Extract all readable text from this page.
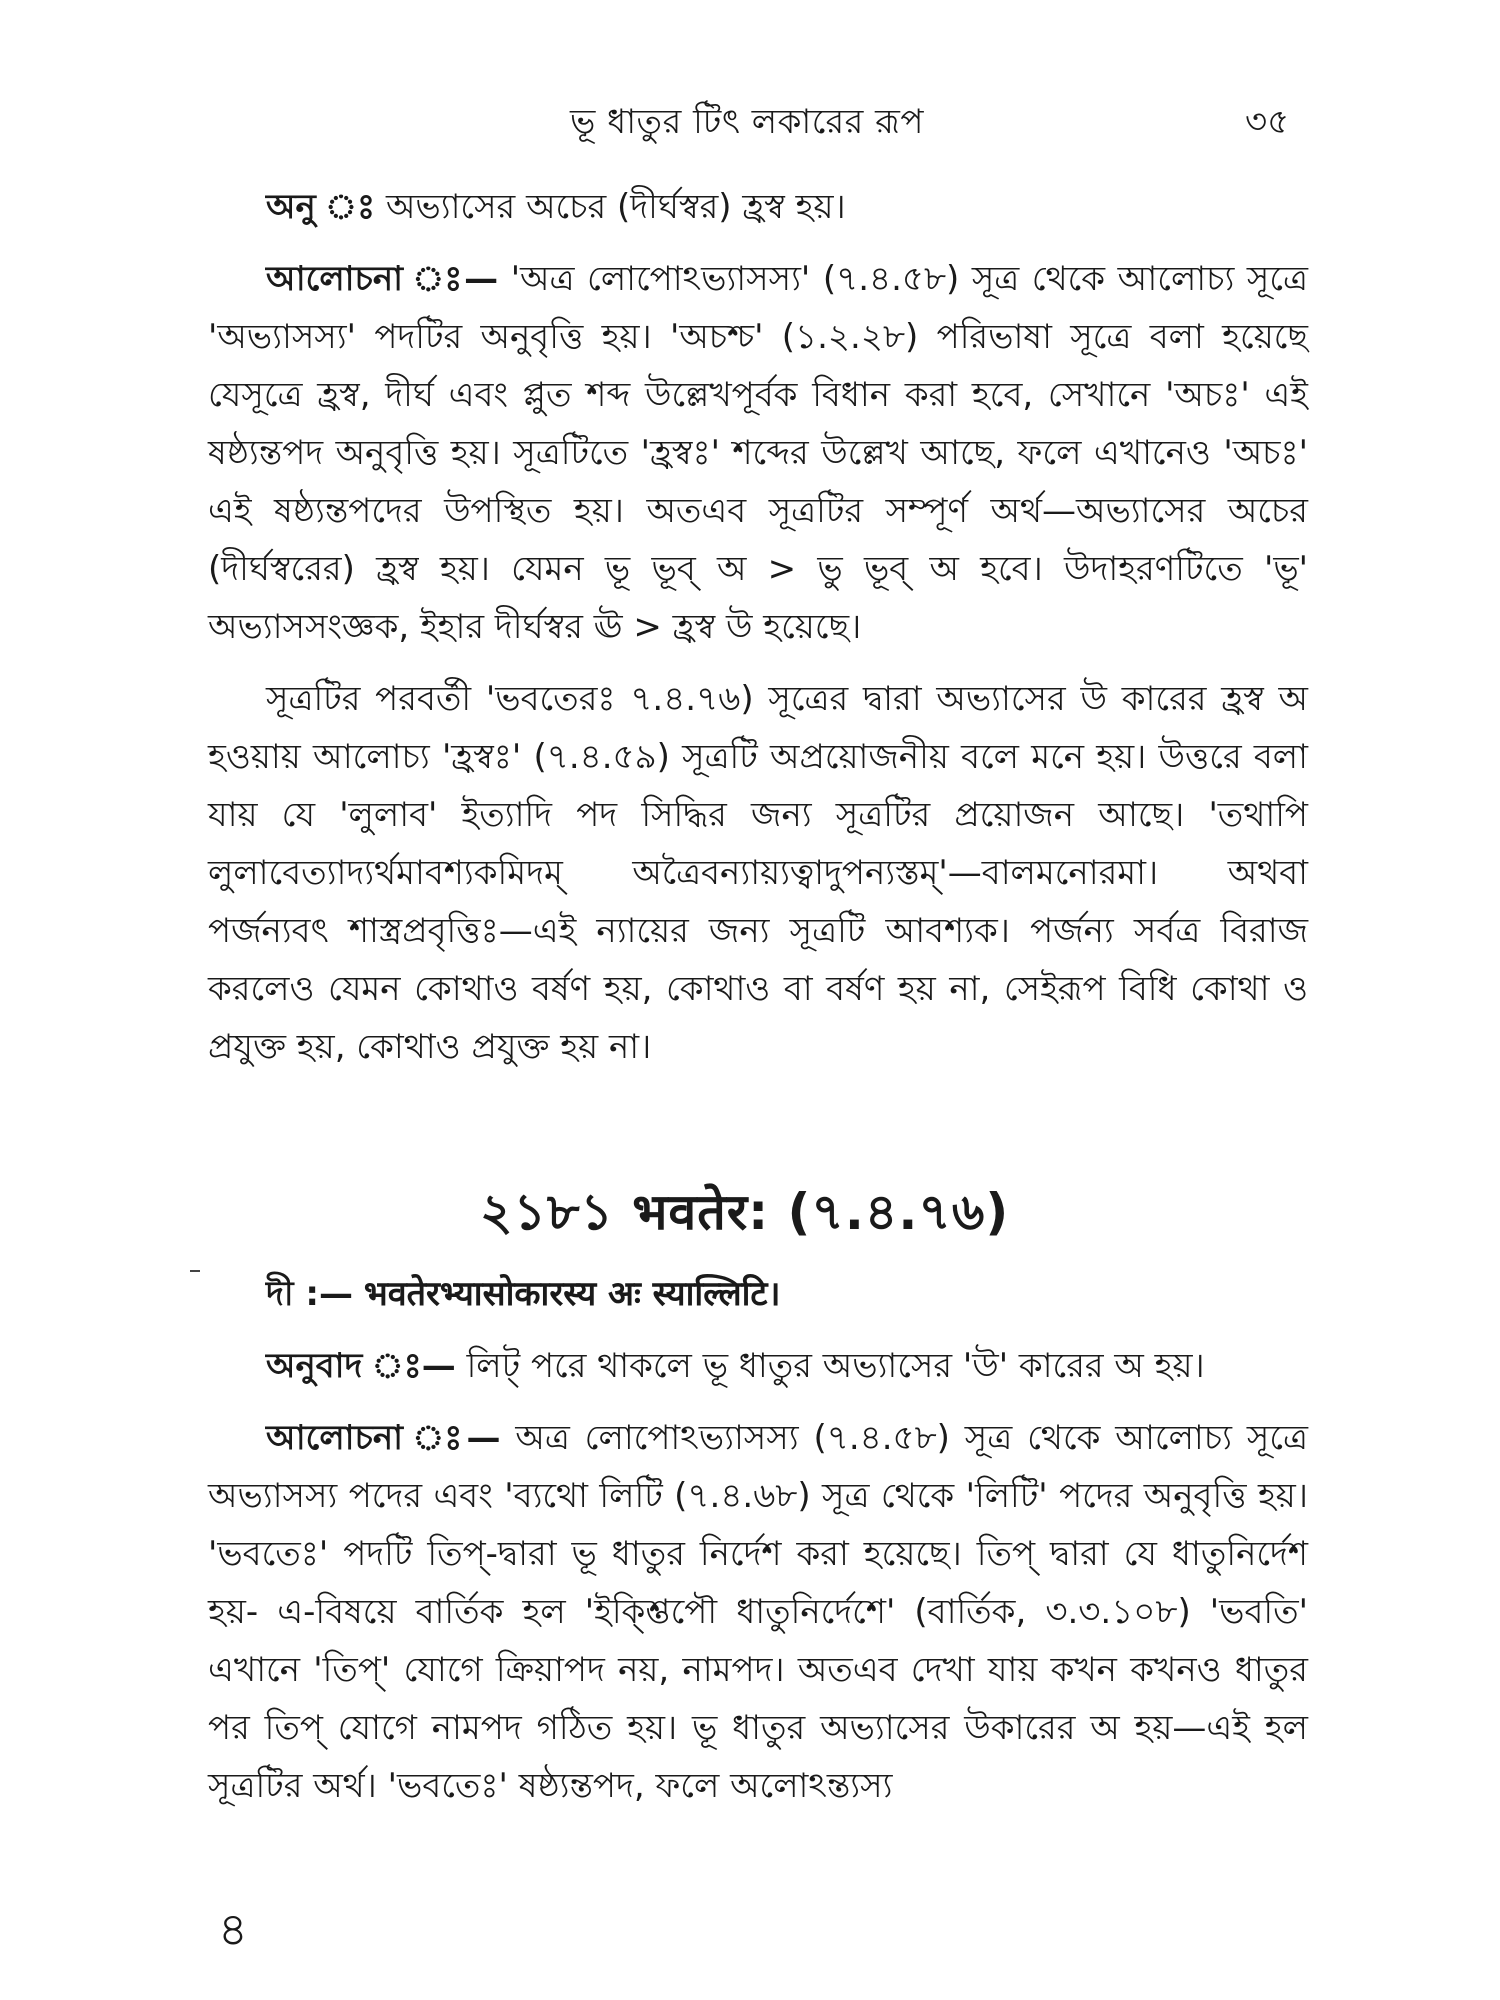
ভূ ধাতুর টিৎ লকারের রূপ	৩৫

অনু ঃ অভ্যাসের অচের (দীর্ঘস্বর) হ্রস্ব হয়।

আলোচনা ঃ— 'অত্র লোপোঽভ্যাসস্য' (৭.৪.৫৮) সূত্র থেকে আলোচ্য সূত্রে 'অভ্যাসস্য' পদটির অনুবৃত্তি হয়। 'অচশ্চ' (১.২.২৮) পরিভাষা সূত্রে বলা হয়েছে যেসূত্রে হ্রস্ব, দীর্ঘ এবং প্লুত শব্দ উল্লেখপূর্বক বিধান করা হবে, সেখানে 'অচঃ' এই ষষ্ঠ্যন্তপদ অনুবৃত্তি হয়। সূত্রটিতে 'হ্রস্বঃ' শব্দের উল্লেখ আছে, ফলে এখানেও 'অচঃ' এই ষষ্ঠ্যন্তপদের উপস্থিত হয়। অতএব সূত্রটির সম্পূর্ণ অর্থ—অভ্যাসের অচের (দীর্ঘস্বরের) হ্রস্ব হয়। যেমন ভূ ভূব্ অ > ভু ভূব্ অ হবে। উদাহরণটিতে 'ভূ' অভ্যাসসংজ্ঞক, ইহার দীর্ঘস্বর ঊ > হ্রস্ব উ হয়েছে।

সূত্রটির পরবর্তী 'ভবতেরঃ ৭.৪.৭৬) সূত্রের দ্বারা অভ্যাসের উ কারের হ্রস্ব অ হওয়ায় আলোচ্য 'হ্রস্বঃ' (৭.৪.৫৯) সূত্রটি অপ্রয়োজনীয় বলে মনে হয়। উত্তরে বলা যায় যে 'লুলাব' ইত্যাদি পদ সিদ্ধির জন্য সূত্রটির প্রয়োজন আছে। 'তথাপি লুলাবেত্যাদ্যর্থমাবশ্যকমিদম্ অত্রৈবন্যায়্যত্বাদুপন্যস্তম্'—বালমনোরমা। অথবা পর্জন্যবৎ শাস্ত্রপ্রবৃত্তিঃ—এই ন্যায়ের জন্য সূত্রটি আবশ্যক। পর্জন্য সর্বত্র বিরাজ করলেও যেমন কোথাও বর্ষণ হয়, কোথাও বা বর্ষণ হয় না, সেইরূপ বিধি কোথা ও প্রযুক্ত হয়, কোথাও প্রযুক্ত হয় না।

২১৮১ भवतेर: (৭.৪.৭৬)

দী :— भवतेरभ्यासोकारस्य अः स्याल्लिटि।

অনুবাদ ঃ— লিট্ পরে থাকলে ভূ ধাতুর অভ্যাসের 'উ' কারের অ হয়।

আলোচনা ঃ— অত্র লোপোঽভ্যাসস্য (৭.৪.৫৮) সূত্র থেকে আলোচ্য সূত্রে অভ্যাসস্য পদের এবং 'ব্যথো লিটি (৭.৪.৬৮) সূত্র থেকে 'লিটি' পদের অনুবৃত্তি হয়। 'ভবতেঃ' পদটি তিপ্-দ্বারা ভূ ধাতুর নির্দেশ করা হয়েছে। তিপ্ দ্বারা যে ধাতুনির্দেশ হয়- এ-বিষয়ে বার্তিক হল 'ইক্শ্তিপৌ ধাতুনির্দেশে' (বার্তিক, ৩.৩.১০৮) 'ভবতি' এখানে 'তিপ্' যোগে ক্রিয়াপদ নয়, নামপদ। অতএব দেখা যায় কখন কখনও ধাতুর পর তিপ্ যোগে নামপদ গঠিত হয়। ভূ ধাতুর অভ্যাসের উকারের অ হয়—এই হল সূত্রটির অর্থ। 'ভবতেঃ' ষষ্ঠ্যন্তপদ, ফলে অলোঽন্ত্যস্য

৪
